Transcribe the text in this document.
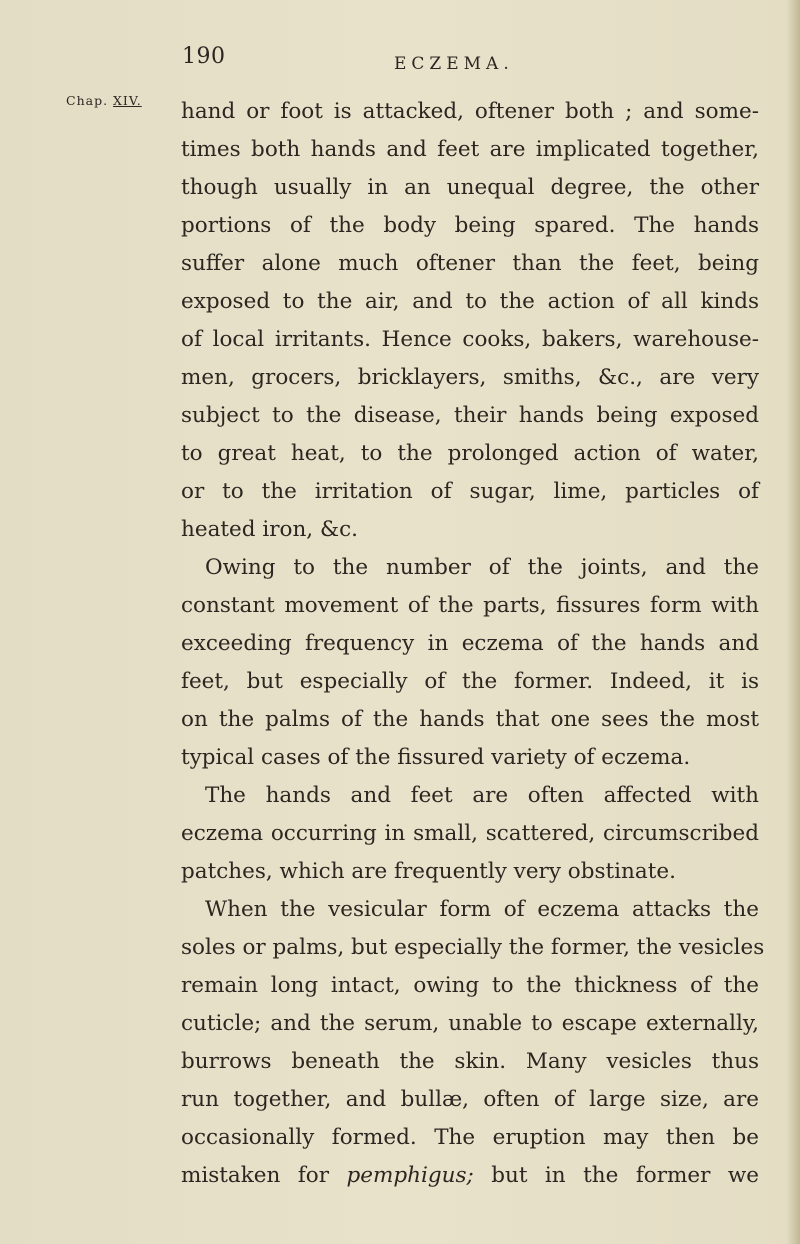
190	ECZEMA.
Chap. XIV. hand or foot is attacked, oftener both ; and some-
times both hands and feet are implicated together,
though usually in an unequal degree, the other
portions of the body being spared. The hands
suffer alone much oftener than the feet, being
exposed to the air, and to the action of all kinds
of local irritants. Hence cooks, bakers, warehouse-
men, grocers, bricklayers, smiths, &c., are very
subject to the disease, their hands being exposed
to great heat, to the prolonged action of water,
or to the irritation of sugar, lime, particles of
heated iron, &c.
Owing to the number of the joints, and the
constant movement of the parts, fissures form with
exceeding frequency in eczema of the hands and
feet, but especially of the former. Indeed, it is
on the palms of the hands that one sees the most
typical cases of the fissured variety of eczema.
The hands and feet are often affected with
eczema occurring in small, scattered, circumscribed
patches, which are frequently very obstinate.
When the vesicular form of eczema attacks the
soles or palms, but especially the former, the vesicles
remain long intact, owing to the thickness of the
cuticle; and the serum, unable to escape externally,
burrows beneath the skin. Many vesicles thus
run together, and bullæ, often of large size, are
occasionally formed. The eruption may then be
mistaken for pemphigus; but in the former we
